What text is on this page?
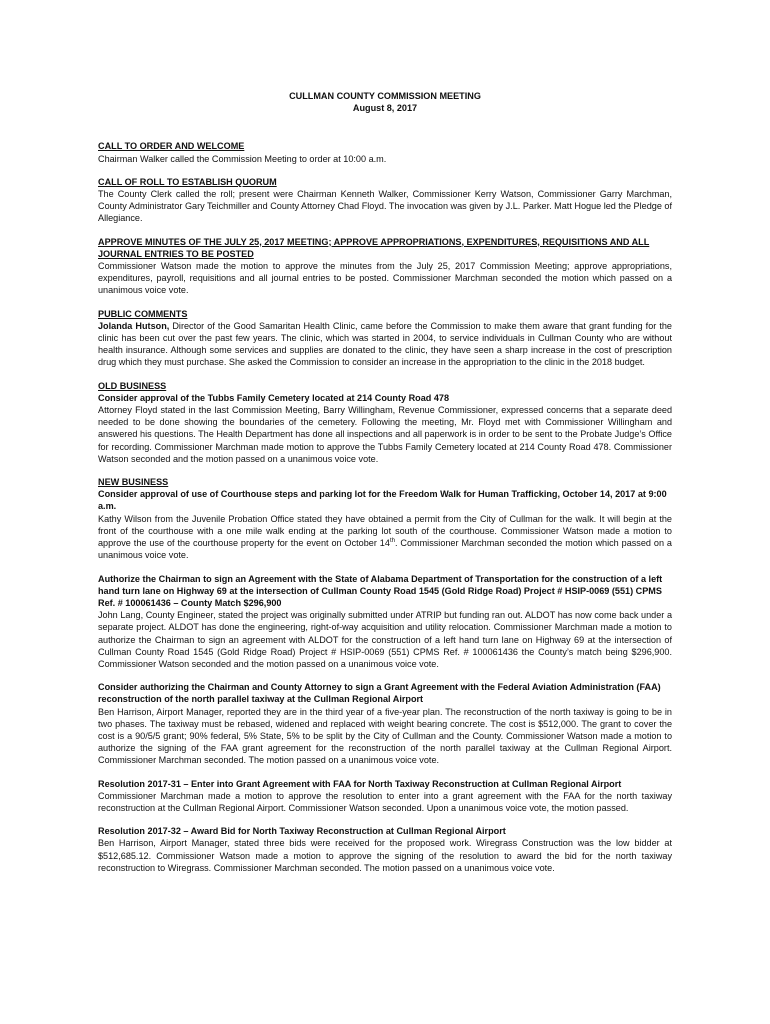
CULLMAN COUNTY COMMISSION MEETING
August 8, 2017
CALL TO ORDER AND WELCOME

Chairman Walker called the Commission Meeting to order at 10:00 a.m.

CALL OF ROLL TO ESTABLISH QUORUM

The County Clerk called the roll; present were Chairman Kenneth Walker, Commissioner Kerry Watson, Commissioner Garry Marchman, County Administrator Gary Teichmiller and County Attorney Chad Floyd. The invocation was given by J.L. Parker. Matt Hogue led the Pledge of Allegiance.

APPROVE MINUTES OF THE JULY 25, 2017 MEETING; APPROVE APPROPRIATIONS, EXPENDITURES, REQUISITIONS AND ALL JOURNAL ENTRIES TO BE POSTED

Commissioner Watson made the motion to approve the minutes from the July 25, 2017 Commission Meeting; approve appropriations, expenditures, payroll, requisitions and all journal entries to be posted. Commissioner Marchman seconded the motion which passed on a unanimous voice vote.

PUBLIC COMMENTS

Jolanda Hutson, Director of the Good Samaritan Health Clinic, came before the Commission to make them aware that grant funding for the clinic has been cut over the past few years. The clinic, which was started in 2004, to service individuals in Cullman County who are without health insurance. Although some services and supplies are donated to the clinic, they have seen a sharp increase in the cost of prescription drug which they must purchase. She asked the Commission to consider an increase in the appropriation to the clinic in the 2018 budget.

OLD BUSINESS
Consider approval of the Tubbs Family Cemetery located at 214 County Road 478

Attorney Floyd stated in the last Commission Meeting, Barry Willingham, Revenue Commissioner, expressed concerns that a separate deed needed to be done showing the boundaries of the cemetery. Following the meeting, Mr. Floyd met with Commissioner Willingham and answered his questions. The Health Department has done all inspections and all paperwork is in order to be sent to the Probate Judge’s Office for recording. Commissioner Marchman made motion to approve the Tubbs Family Cemetery located at 214 County Road 478. Commissioner Watson seconded and the motion passed on a unanimous voice vote.

NEW BUSINESS
Consider approval of use of Courthouse steps and parking lot for the Freedom Walk for Human Trafficking, October 14, 2017 at 9:00 a.m.

Kathy Wilson from the Juvenile Probation Office stated they have obtained a permit from the City of Cullman for the walk. It will begin at the front of the courthouse with a one mile walk ending at the parking lot south of the courthouse. Commissioner Watson made a motion to approve the use of the courthouse property for the event on October 14th. Commissioner Marchman seconded the motion which passed on a unanimous voice vote.

Authorize the Chairman to sign an Agreement with the State of Alabama Department of Transportation for the construction of a left hand turn lane on Highway 69 at the intersection of Cullman County Road 1545 (Gold Ridge Road) Project # HSIP-0069 (551) CPMS Ref. # 100061436 – County Match $296,900

John Lang, County Engineer, stated the project was originally submitted under ATRIP but funding ran out. ALDOT has now come back under a separate project. ALDOT has done the engineering, right-of-way acquisition and utility relocation. Commissioner Marchman made a motion to authorize the Chairman to sign an agreement with ALDOT for the construction of a left hand turn lane on Highway 69 at the intersection of Cullman County Road 1545 (Gold Ridge Road) Project # HSIP-0069 (551) CPMS Ref. # 100061436 the County’s match being $296,900. Commissioner Watson seconded and the motion passed on a unanimous voice vote.

Consider authorizing the Chairman and County Attorney to sign a Grant Agreement with the Federal Aviation Administration (FAA) reconstruction of the north parallel taxiway at the Cullman Regional Airport

Ben Harrison, Airport Manager, reported they are in the third year of a five-year plan. The reconstruction of the north taxiway is going to be in two phases. The taxiway must be rebased, widened and replaced with weight bearing concrete. The cost is $512,000. The grant to cover the cost is a 90/5/5 grant; 90% federal, 5% State, 5% to be split by the City of Cullman and the County. Commissioner Watson made a motion to authorize the signing of the FAA grant agreement for the reconstruction of the north parallel taxiway at the Cullman Regional Airport. Commissioner Marchman seconded. The motion passed on a unanimous voice vote.

Resolution 2017-31 – Enter into Grant Agreement with FAA for North Taxiway Reconstruction at Cullman Regional Airport

Commissioner Marchman made a motion to approve the resolution to enter into a grant agreement with the FAA for the north taxiway reconstruction at the Cullman Regional Airport. Commissioner Watson seconded. Upon a unanimous voice vote, the motion passed.

Resolution 2017-32 – Award Bid for North Taxiway Reconstruction at Cullman Regional Airport

Ben Harrison, Airport Manager, stated three bids were received for the proposed work. Wiregrass Construction was the low bidder at $512,685.12. Commissioner Watson made a motion to approve the signing of the resolution to award the bid for the north taxiway reconstruction to Wiregrass. Commissioner Marchman seconded. The motion passed on a unanimous voice vote.
